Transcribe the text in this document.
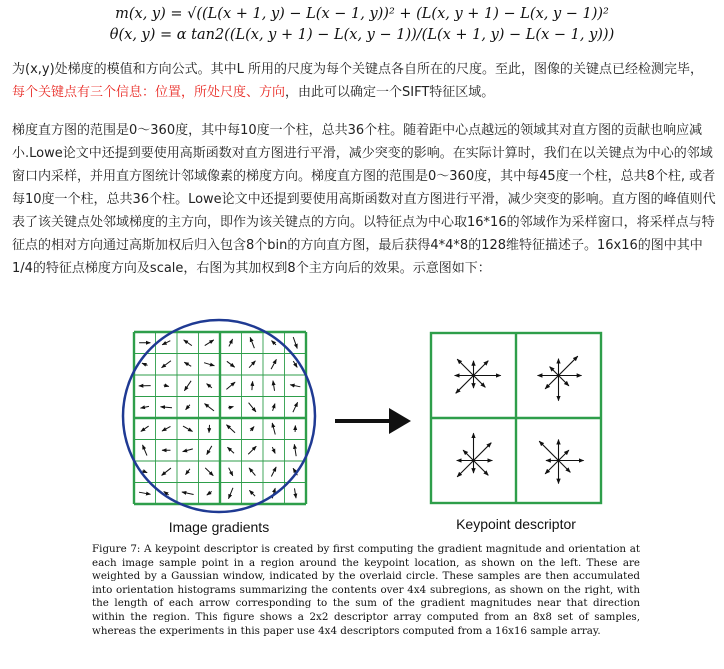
m(x, y) = √((L(x + 1, y) − L(x − 1, y))² + (L(x, y + 1) − L(x, y − 1))²
θ(x, y) = α tan2((L(x, y + 1) − L(x, y − 1))/(L(x + 1, y) − L(x − 1, y)))
为(x,y)处梯度的模值和方向公式。其中L 所用的尺度为每个关键点各自所在的尺度。至此，图像的关键点已经检测完毕，每个关键点有三个信息：位置，所处尺度、方向，由此可以确定一个SIFT特征区域。
梯度直方图的范围是0～360度，其中每10度一个柱，总共36个柱。随着距中心点越远的领域其对直方图的贡献也响应减小.Lowe论文中还提到要使用高斯函数对直方图进行平滑，减少突变的影响。在实际计算时，我们在以关键点为中心的邻域窗口内采样，并用直方图统计邻域像素的梯度方向。梯度直方图的范围是0～360度，其中每45度一个柱，总共8个柱, 或者每10度一个柱，总共36个柱。Lowe论文中还提到要使用高斯函数对直方图进行平滑，减少突变的影响。直方图的峰值则代表了该关键点处邻域梯度的主方向，即作为该关键点的方向。以特征点为中心取16*16的邻域作为采样窗口，将采样点与特征点的相对方向通过高斯加权后归入包含8个bin的方向直方图，最后获得4*4*8的128维特征描述子。16x16的图中其中1/4的特征点梯度方向及scale，右图为其加权到8个主方向后的效果。示意图如下：
Image gradients	Keypoint descriptor
Figure 7: A keypoint descriptor is created by first computing the gradient magnitude and orientation at each image sample point in a region around the keypoint location, as shown on the left. These are weighted by a Gaussian window, indicated by the overlaid circle. These samples are then accumulated into orientation histograms summarizing the contents over 4x4 subregions, as shown on the right, with the length of each arrow corresponding to the sum of the gradient magnitudes near that direction within the region. This figure shows a 2x2 descriptor array computed from an 8x8 set of samples, whereas the experiments in this paper use 4x4 descriptors computed from a 16x16 sample array.
